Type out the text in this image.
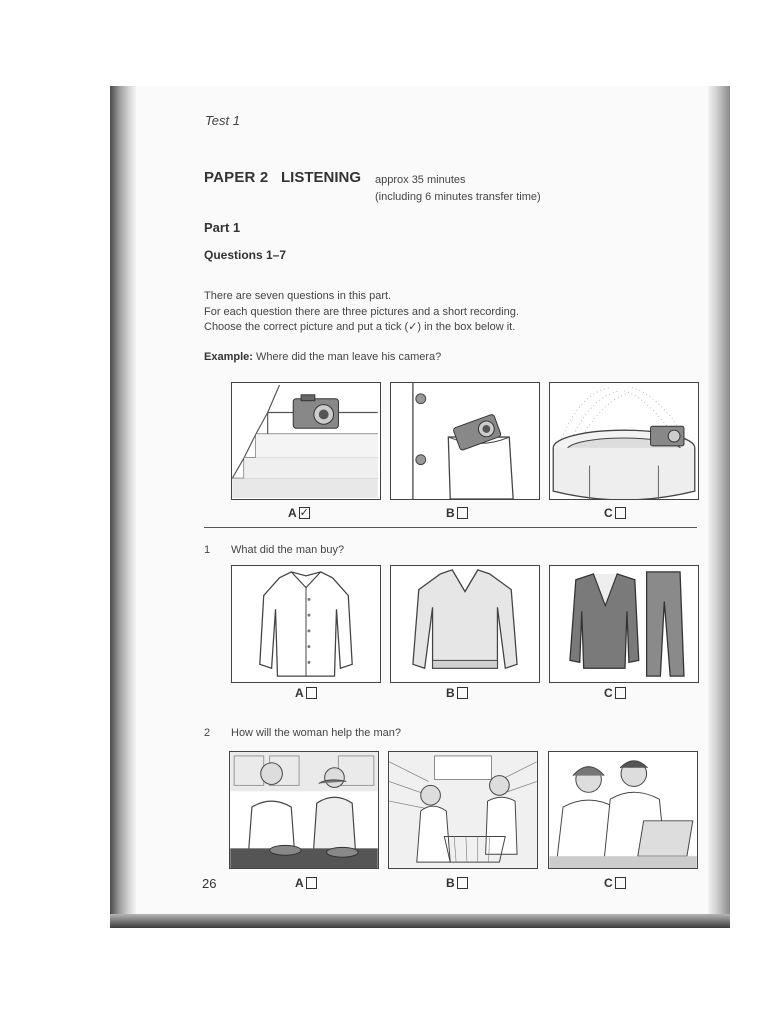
Test 1
PAPER 2 LISTENING approx 35 minutes
(including 6 minutes transfer time)
Part 1
Questions 1–7
There are seven questions in this part.
For each question there are three pictures and a short recording.
Choose the correct picture and put a tick (✓) in the box below it.
Example: Where did the man leave his camera?
A ✓	B	C
1 What did the man buy?
A	B	C
2 How will the woman help the man?
A	B	C
26
